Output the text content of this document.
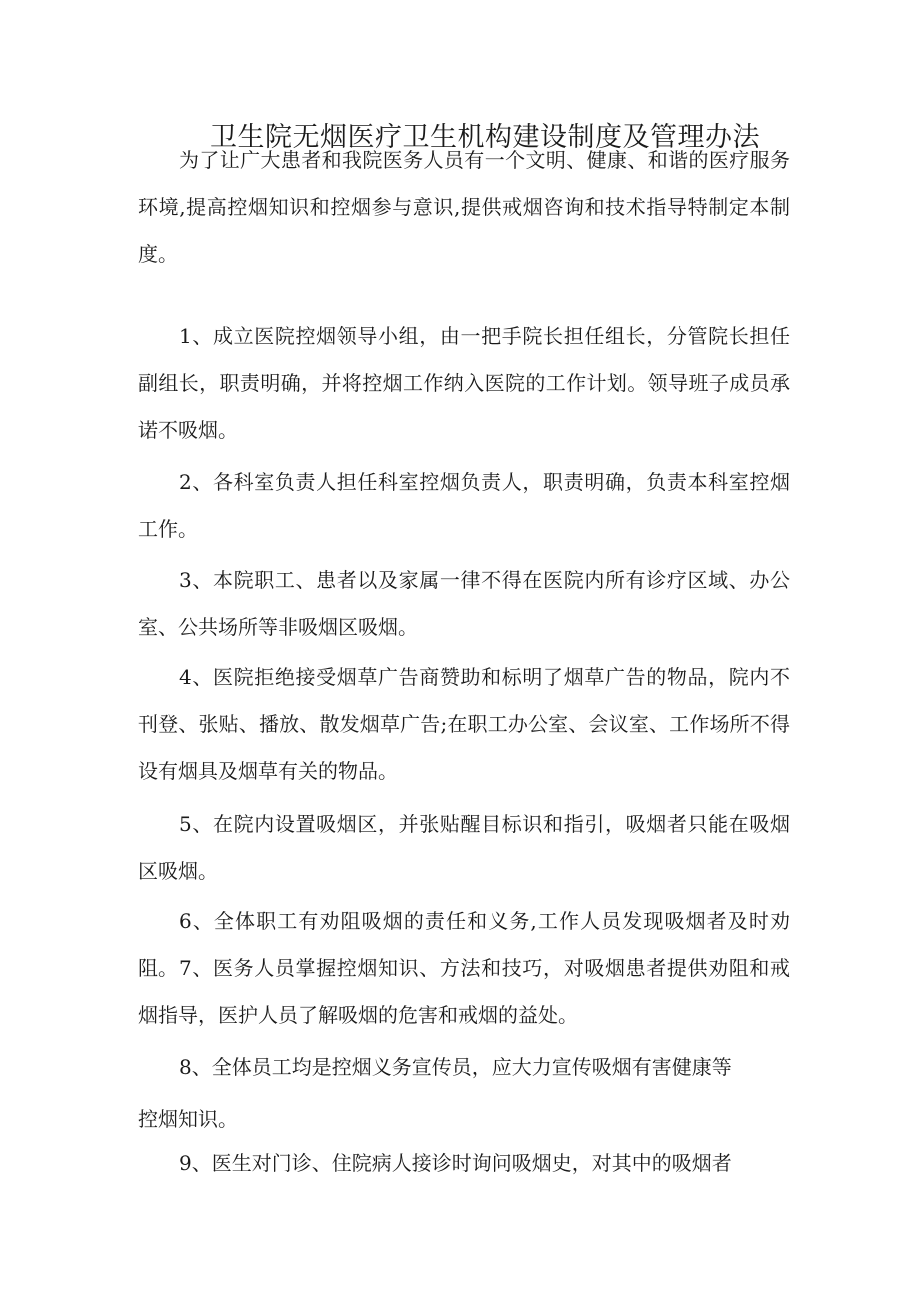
卫生院无烟医疗卫生机构建设制度及管理办法

为了让广大患者和我院医务人员有一个文明、健康、和谐的医疗服务环境,提高控烟知识和控烟参与意识,提供戒烟咨询和技术指导特制定本制度。

1、成立医院控烟领导小组，由一把手院长担任组长，分管院长担任副组长，职责明确，并将控烟工作纳入医院的工作计划。领导班子成员承诺不吸烟。

2、各科室负责人担任科室控烟负责人，职责明确，负责本科室控烟工作。

3、本院职工、患者以及家属一律不得在医院内所有诊疗区域、办公室、公共场所等非吸烟区吸烟。

4、医院拒绝接受烟草广告商赞助和标明了烟草广告的物品，院内不刊登、张贴、播放、散发烟草广告;在职工办公室、会议室、工作场所不得设有烟具及烟草有关的物品。

5、在院内设置吸烟区，并张贴醒目标识和指引，吸烟者只能在吸烟区吸烟。

6、全体职工有劝阻吸烟的责任和义务,工作人员发现吸烟者及时劝阻。 7、医务人员掌握控烟知识、方法和技巧，对吸烟患者提供劝阻和戒烟指导，医护人员了解吸烟的危害和戒烟的益处。

8、全体员工均是控烟义务宣传员，应大力宣传吸烟有害健康等
控烟知识。
9、医生对门诊、住院病人接诊时询问吸烟史，对其中的吸烟者
